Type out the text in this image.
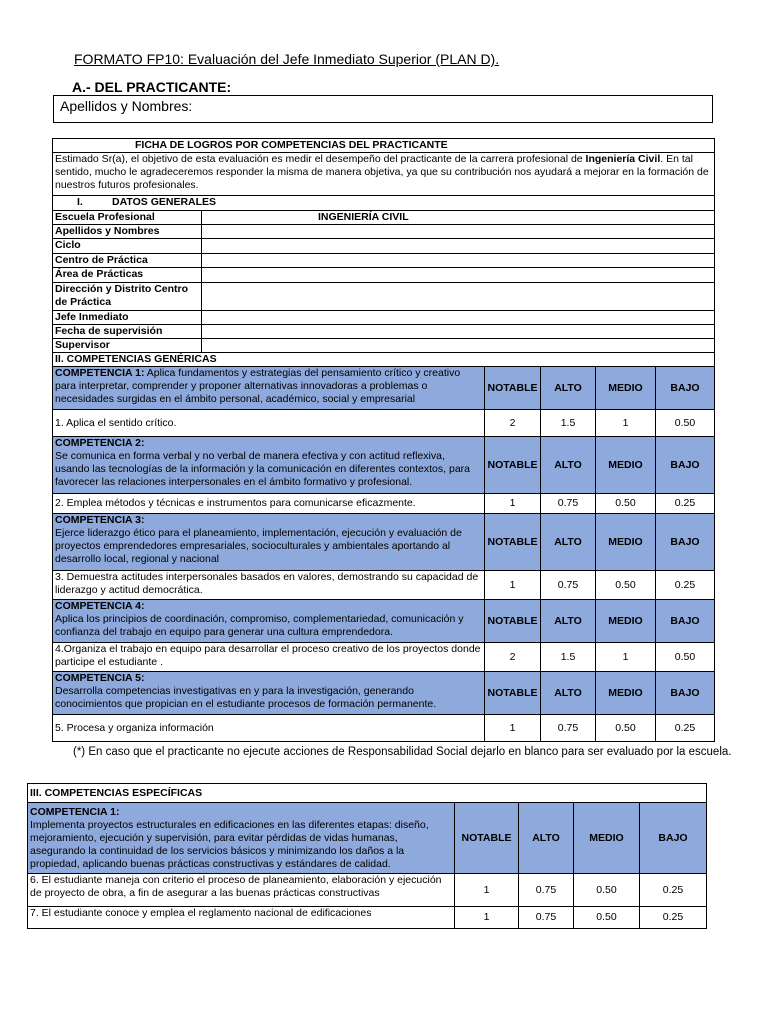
FORMATO FP10: Evaluación del Jefe Inmediato Superior (PLAN D).
A.- DEL PRACTICANTE:
Apellidos y Nombres:
FICHA DE LOGROS POR COMPETENCIAS DEL PRACTICANTE					
Estimado Sr(a), el objetivo de esta evaluación es medir el desempeño del practicante de la carrera profesional de Ingeniería Civil. En tal sentido, mucho le agradeceremos responder la misma de manera objetiva, ya que su contribución nos ayudará a mejorar en la formación de nuestros futuros profesionales.					
I. DATOS GENERALES					
Escuela Profesional	INGENIERÍA CIVIL				
Apellidos y Nombres					
Ciclo					
Centro de Práctica					
Área de Prácticas					
Dirección y Distrito Centro de Práctica					
Jefe Inmediato					
Fecha de supervisión					
Supervisor					
II. COMPETENCIAS GENÉRICAS					
COMPETENCIA 1: Aplica fundamentos y estrategias del pensamiento crítico y creativo para interpretar, comprender y proponer alternativas innovadoras a problemas o necesidades surgidas en el ámbito personal, académico, social y empresarial		NOTABLE	ALTO	MEDIO	BAJO
1. Aplica el sentido crítico.		2	1.5	1	0.50
COMPETENCIA 2:
Se comunica en forma verbal y no verbal de manera efectiva y con actitud reflexiva, usando las tecnologías de la información y la comunicación en diferentes contextos, para favorecer las relaciones interpersonales en el ámbito formativo y profesional.		NOTABLE	ALTO	MEDIO	BAJO
2. Emplea métodos y técnicas e instrumentos para comunicarse eficazmente.		1	0.75	0.50	0.25
COMPETENCIA 3:
Ejerce liderazgo ético para el planeamiento, implementación, ejecución y evaluación de proyectos emprendedores empresariales, socioculturales y ambientales aportando al desarrollo local, regional y nacional		NOTABLE	ALTO	MEDIO	BAJO
3. Demuestra actitudes interpersonales basados en valores, demostrando su capacidad de liderazgo y actitud democrática.		1	0.75	0.50	0.25
COMPETENCIA 4:
Aplica los principios de coordinación, compromiso, complementariedad, comunicación y confianza del trabajo en equipo para generar una cultura emprendedora.		NOTABLE	ALTO	MEDIO	BAJO
4.Organiza el trabajo en equipo para desarrollar el proceso creativo de los proyectos donde participe el estudiante .		2	1.5	1	0.50
COMPETENCIA 5:
Desarrolla competencias investigativas en y para la investigación, generando conocimientos que propician en el estudiante procesos de formación permanente.		NOTABLE	ALTO	MEDIO	BAJO
5. Procesa y organiza información		1	0.75	0.50	0.25
(*) En caso que el practicante no ejecute acciones de Responsabilidad Social dejarlo en blanco para ser evaluado por la escuela.
III. COMPETENCIAS ESPECÍFICAS				
COMPETENCIA 1:
Implementa proyectos estructurales en edificaciones en las diferentes etapas: diseño, mejoramiento, ejecución y supervisión, para evitar pérdidas de vidas humanas, asegurando la continuidad de los servicios básicos y minimizando los daños a la propiedad, aplicando buenas prácticas constructivas y estándares de calidad.	NOTABLE	ALTO	MEDIO	BAJO
6. El estudiante maneja con criterio el proceso de planeamiento, elaboración y ejecución de proyecto de obra, a fin de asegurar a las buenas prácticas constructivas	1	0.75	0.50	0.25
7. El estudiante conoce y emplea el reglamento nacional de edificaciones	1	0.75	0.50	0.25
